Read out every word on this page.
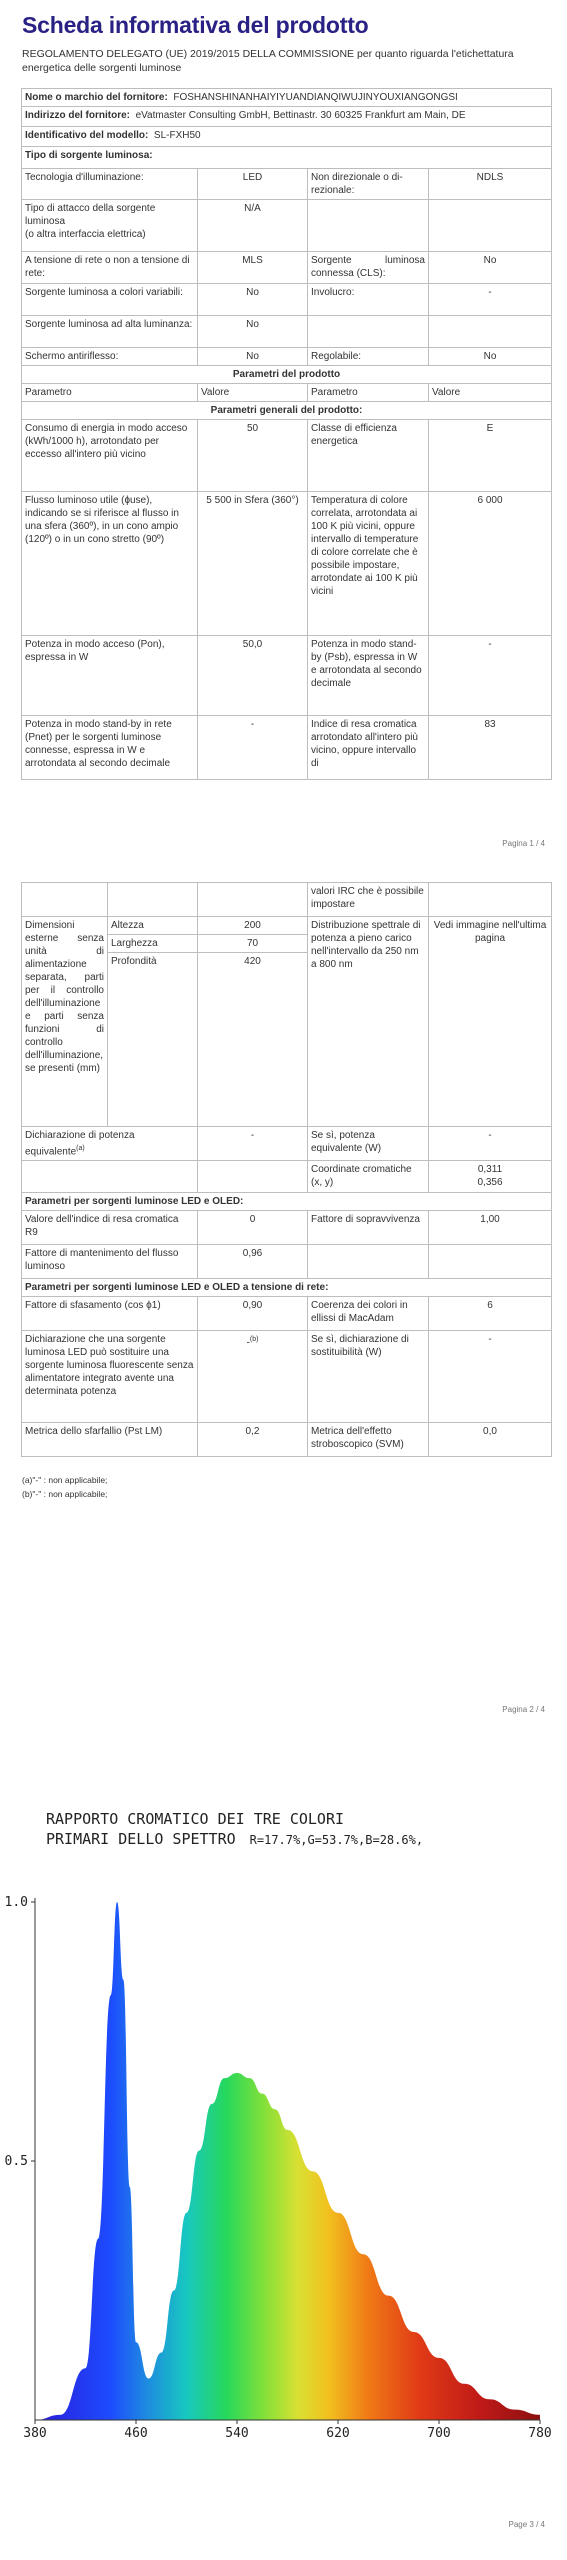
Scheda informativa del prodotto
REGOLAMENTO DELEGATO (UE) 2019/2015 DELLA COMMISSIONE per quanto riguarda l'etichettatura energetica delle sorgenti luminose
Nome o marchio del fornitore: FOSHANSHINANHAIYIYUANDIANQIWUJINYOUXIANGONGSI			
Indirizzo del fornitore: eVatmaster Consulting GmbH, Bettinastr. 30 60325 Frankfurt am Main, DE			
Identificativo del modello: SL-FXH50			
Tipo di sorgente luminosa:			
Tecnologia d'illuminazione:	LED	Non direzionale o di-rezionale:	NDLS

Tipo di attacco della sorgente luminosa
(o altra interfaccia elettrica)	N/A		
A tensione di rete o non a tensione di rete:	MLS	Sorgente luminosa connessa (CLS):	No
Sorgente luminosa a colori variabili:	No	Involucro:	-
Sorgente luminosa ad alta luminanza:	No		
Schermo antiriflesso:	No	Regolabile:	No
Parametri del prodotto			
Parametro	Valore	Parametro	Valore
Parametri generali del prodotto:			
Consumo di energia in modo acceso (kWh/1000 h), arrotondato per eccesso all'intero più vicino	50	Classe di efficienza energetica	E
Flusso luminoso utile (ɸuse), indicando se si riferisce al flusso in una sfera (360º), in un cono ampio (120º) o in un cono stretto (90º)	5 500 in Sfera (360°)	Temperatura di colore correlata, arrotondata ai 100 K più vicini, oppure intervallo di temperature di colore correlate che è possibile impostare, arrotondate ai 100 K più vicini	6 000
Potenza in modo acceso (Pon), espressa in W	50,0	Potenza in modo stand-by (Psb), espressa in W e arrotondata al secondo decimale	-
Potenza in modo stand-by in rete (Pnet) per le sorgenti luminose connesse, espressa in W e arrotondata al secondo decimale	-	Indice di resa cromatica arrotondato all'intero più vicino, oppure intervallo di	83
Pagina 1 / 4
			valori IRC che è possibile impostare	
Dimensioni esterne senza unità di alimentazione separata, parti per il controllo dell'illuminazione e parti senza funzioni di controllo dell'illuminazione, se presenti (mm)	Altezza	200	Distribuzione spettrale di potenza a pieno carico nell'intervallo da 250 nm a 800 nm	Vedi immagine nell'ultima pagina
	Larghezza	70		
	Profondità	420		
Dichiarazione di potenza equivalente$^{(a)}$		-	Se sì, potenza equivalente (W)	-
			Coordinate cromatiche (x, y)	0,311
0,356

Parametri per sorgenti luminose LED e OLED:				
Valore dell'indice di resa cromatica R9		0	Fattore di sopravvivenza	1,00
Fattore di mantenimento del flusso luminoso		0,96		
Parametri per sorgenti luminose LED e OLED a tensione di rete:				
Fattore di sfasamento (cos ϕ1)		0,90	Coerenza dei colori in ellissi di MacAdam	6
Dichiarazione che una sorgente luminosa LED può sostituire una sorgente luminosa fluorescente senza alimentatore integrato avente una determinata potenza		-$^{(b)}$	Se sì, dichiarazione di sostituibilità (W)	-
Metrica dello sfarfallio (Pst LM)		0,2	Metrica dell'effetto stroboscopico (SVM)	0,0
(a)"-" : non applicabile;
(b)"-" : non applicabile;
Pagina 2 / 4
RAPPORTO CROMATICO DEI TRE COLORI
PRIMARI DELLO SPETTRO R=17.7%,G=53.7%,B=28.6%,
380	460	540	620	700	780
1.0
0.5
Page 3 / 4
